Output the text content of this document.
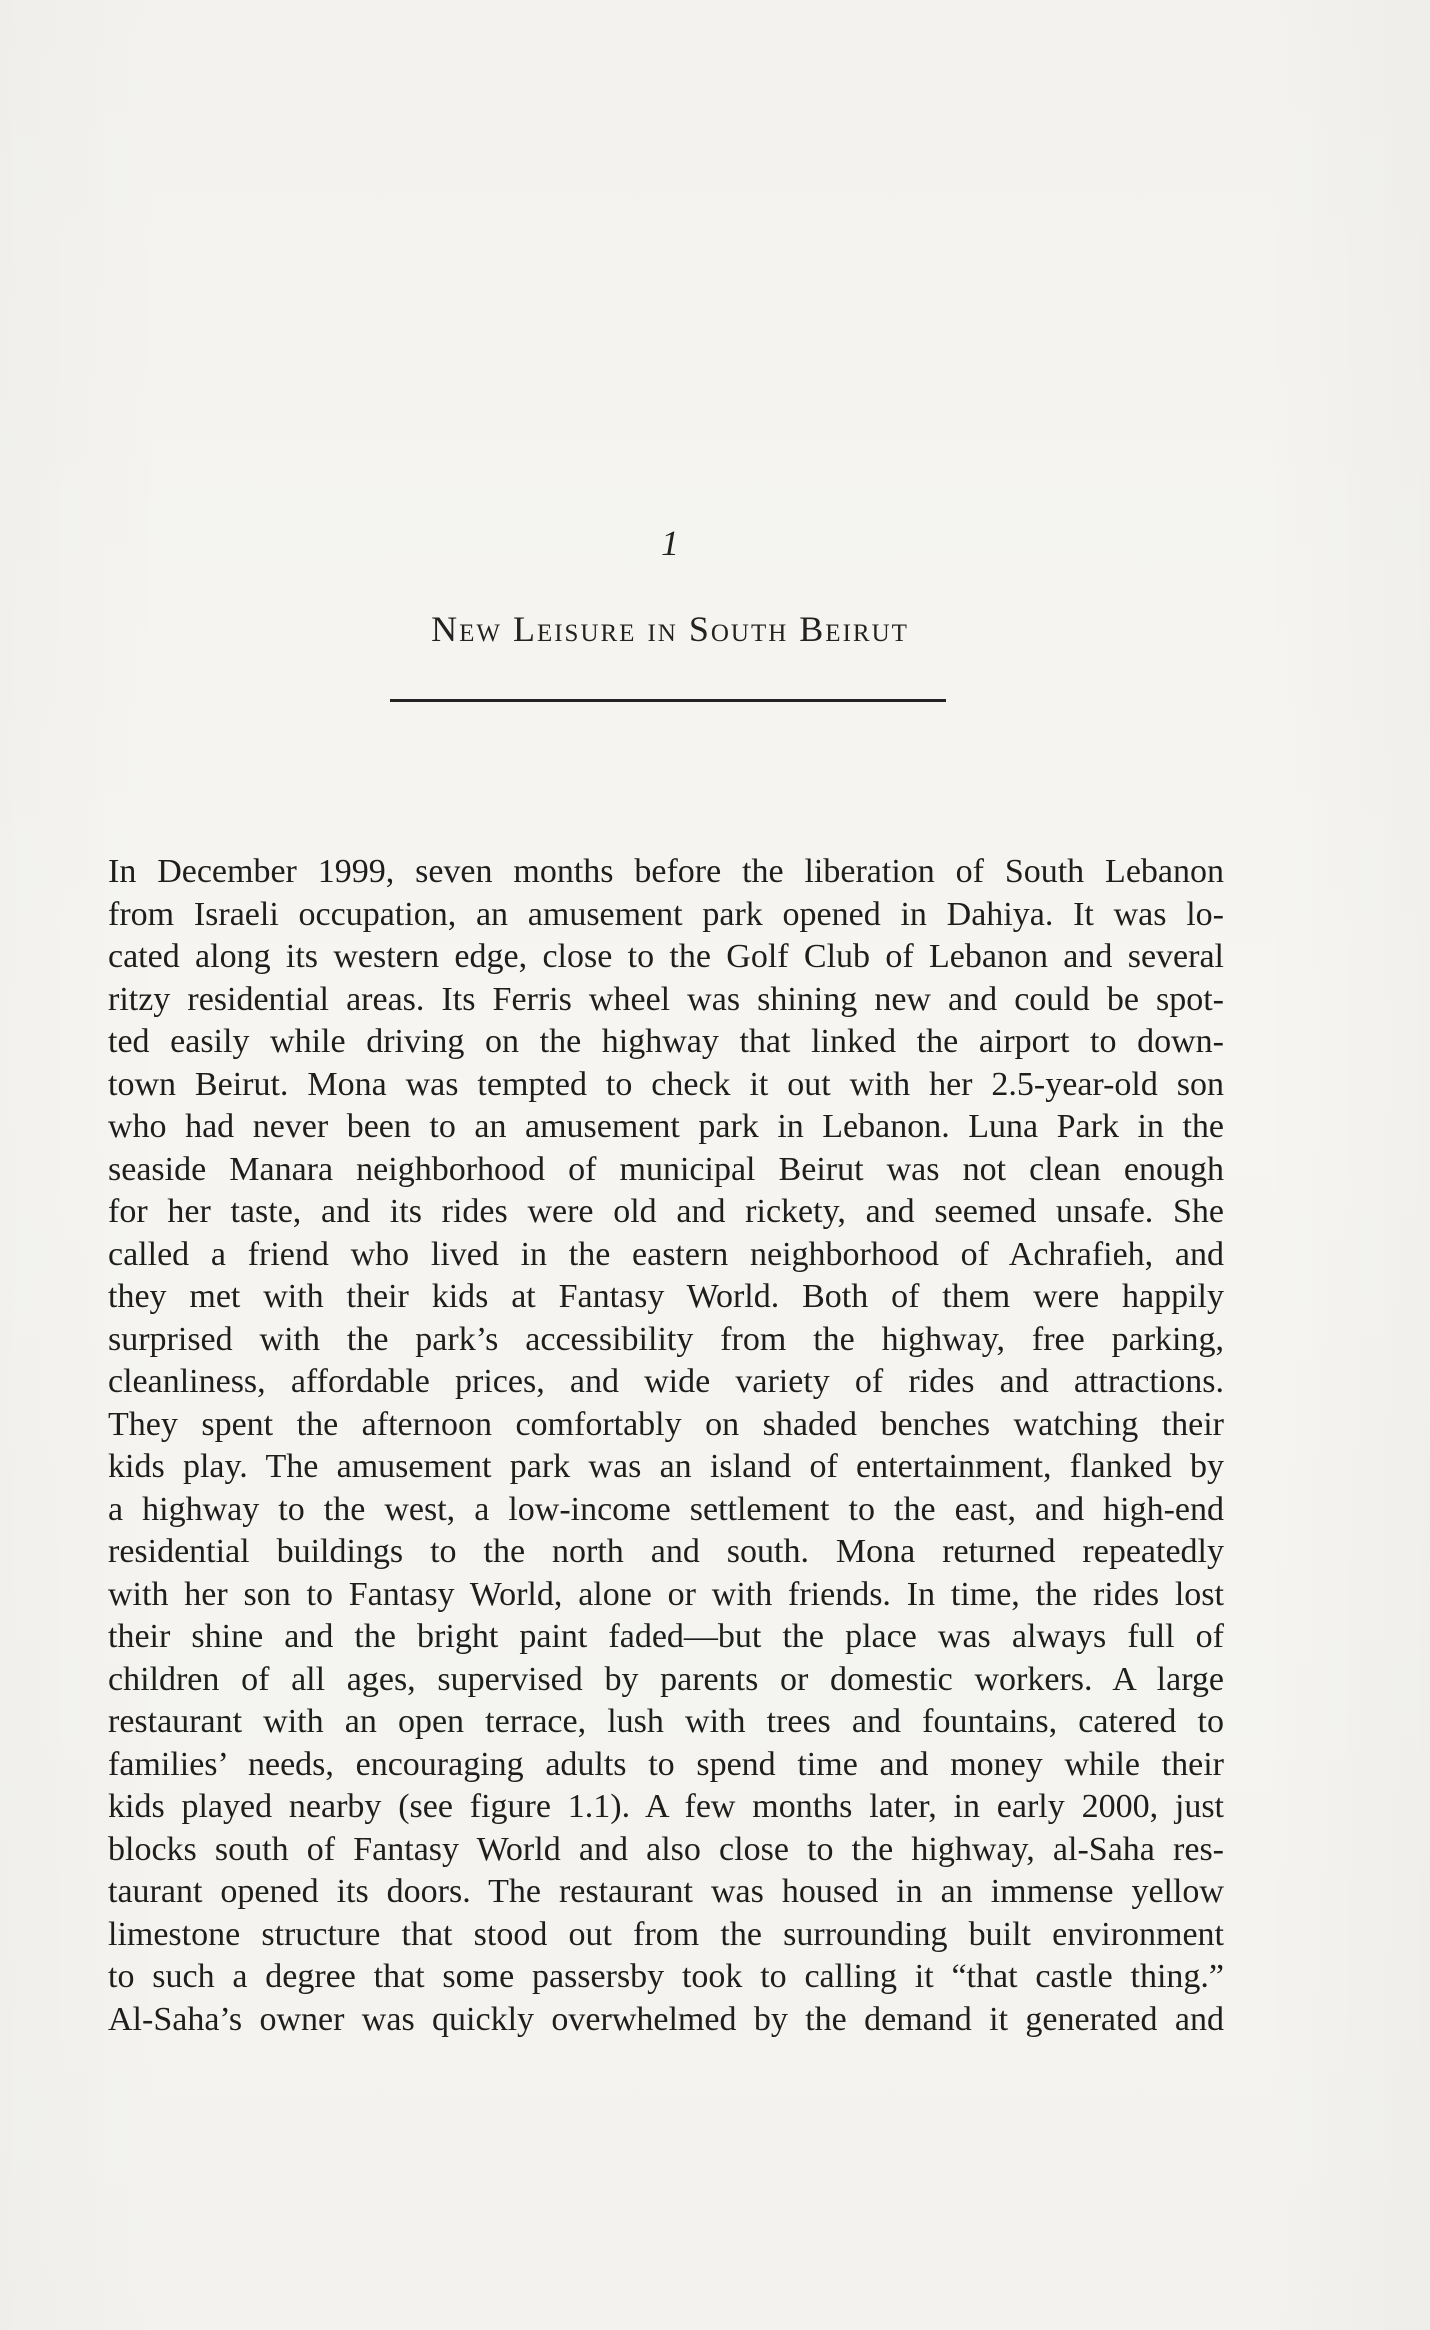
1
New Leisure in South Beirut
In December 1999, seven months before the liberation of South Lebanon
from Israeli occupation, an amusement park opened in Dahiya. It was lo-
cated along its western edge, close to the Golf Club of Lebanon and several
ritzy residential areas. Its Ferris wheel was shining new and could be spot-
ted easily while driving on the highway that linked the airport to down-
town Beirut. Mona was tempted to check it out with her 2.5-year-old son
who had never been to an amusement park in Lebanon. Luna Park in the
seaside Manara neighborhood of municipal Beirut was not clean enough
for her taste, and its rides were old and rickety, and seemed unsafe. She
called a friend who lived in the eastern neighborhood of Achrafieh, and
they met with their kids at Fantasy World. Both of them were happily
surprised with the park’s accessibility from the highway, free parking,
cleanliness, affordable prices, and wide variety of rides and attractions.
They spent the afternoon comfortably on shaded benches watching their
kids play. The amusement park was an island of entertainment, flanked by
a highway to the west, a low-income settlement to the east, and high-end
residential buildings to the north and south. Mona returned repeatedly
with her son to Fantasy World, alone or with friends. In time, the rides lost
their shine and the bright paint faded—but the place was always full of
children of all ages, supervised by parents or domestic workers. A large
restaurant with an open terrace, lush with trees and fountains, catered to
families’ needs, encouraging adults to spend time and money while their
kids played nearby (see figure 1.1). A few months later, in early 2000, just
blocks south of Fantasy World and also close to the highway, al-Saha res-
taurant opened its doors. The restaurant was housed in an immense yellow
limestone structure that stood out from the surrounding built environment
to such a degree that some passersby took to calling it “that castle thing.”
Al-Saha’s owner was quickly overwhelmed by the demand it generated and
